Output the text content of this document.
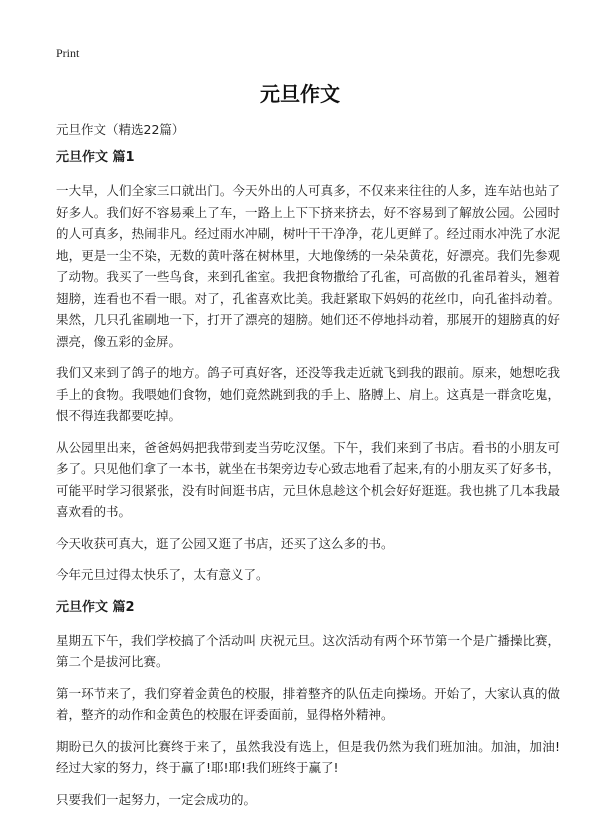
Print
元旦作文
元旦作文（精选22篇）
元旦作文 篇1

一大早，人们全家三口就出门。今天外出的人可真多，不仅来来往往的人多，连车站也站了好多人。我们好不容易乘上了车，一路上上下下挤来挤去，好不容易到了解放公园。公园时的人可真多，热闹非凡。经过雨水冲刷，树叶干干净净，花儿更鲜了。经过雨水冲洗了水泥地，更是一尘不染，无数的黄叶落在树林里，大地像绣的一朵朵黄花，好漂亮。我们先参观了动物。我买了一些鸟食，来到孔雀室。我把食物撒给了孔雀，可高傲的孔雀昂着头，翘着翅膀，连看也不看一眼。对了，孔雀喜欢比美。我赶紧取下妈妈的花丝巾，向孔雀抖动着。果然，几只孔雀刷地一下，打开了漂亮的翅膀。她们还不停地抖动着，那展开的翅膀真的好漂亮，像五彩的金屏。

我们又来到了鸽子的地方。鸽子可真好客，还没等我走近就飞到我的跟前。原来，她想吃我手上的食物。我喂她们食物，她们竟然跳到我的手上、胳膊上、肩上。这真是一群贪吃鬼，恨不得连我都要吃掉。

从公园里出来，爸爸妈妈把我带到麦当劳吃汉堡。下午，我们来到了书店。看书的小朋友可多了。只见他们拿了一本书，就坐在书架旁边专心致志地看了起来,有的小朋友买了好多书，可能平时学习很紧张，没有时间逛书店，元旦休息趁这个机会好好逛逛。我也挑了几本我最喜欢看的书。

今天收获可真大，逛了公园又逛了书店，还买了这么多的书。

今年元旦过得太快乐了，太有意义了。

元旦作文 篇2

星期五下午，我们学校搞了个活动叫 庆祝元旦。这次活动有两个环节第一个是广播操比赛，第二个是拔河比赛。

第一环节来了，我们穿着金黄色的校服，排着整齐的队伍走向操场。开始了，大家认真的做着，整齐的动作和金黄色的校服在评委面前，显得格外精神。

期盼已久的拔河比赛终于来了，虽然我没有选上，但是我仍然为我们班加油。加油，加油!经过大家的努力，终于赢了!耶!耶!我们班终于赢了!

只要我们一起努力，一定会成功的。
